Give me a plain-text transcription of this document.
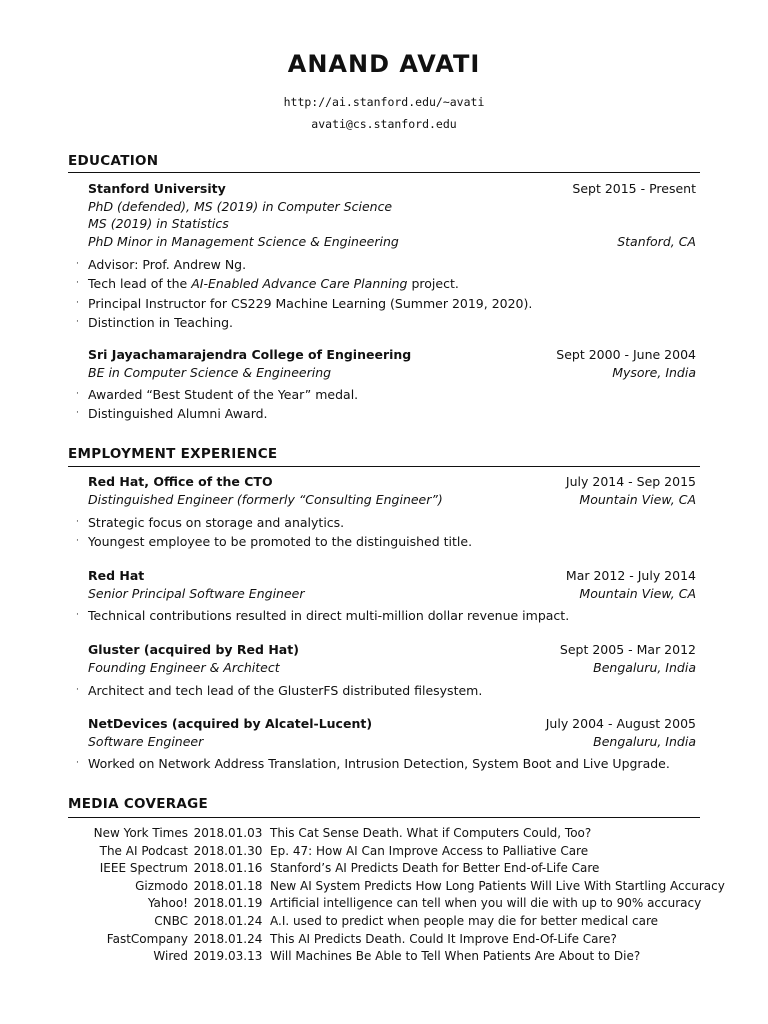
ANAND AVATI
http://ai.stanford.edu/~avati
avati@cs.stanford.edu
EDUCATION
Stanford University	Sept 2015 - Present
PhD (defended), MS (2019) in Computer Science
MS (2019) in Statistics
PhD Minor in Management Science & Engineering	Stanford, CA
· Advisor: Prof. Andrew Ng.
· Tech lead of the AI-Enabled Advance Care Planning project.
· Principal Instructor for CS229 Machine Learning (Summer 2019, 2020).
· Distinction in Teaching.
Sri Jayachamarajendra College of Engineering	Sept 2000 - June 2004
BE in Computer Science & Engineering	Mysore, India
· Awarded “Best Student of the Year” medal.
· Distinguished Alumni Award.
EMPLOYMENT EXPERIENCE
Red Hat, Office of the CTO	July 2014 - Sep 2015
Distinguished Engineer (formerly “Consulting Engineer”)	Mountain View, CA
· Strategic focus on storage and analytics.
· Youngest employee to be promoted to the distinguished title.
Red Hat	Mar 2012 - July 2014
Senior Principal Software Engineer	Mountain View, CA
· Technical contributions resulted in direct multi-million dollar revenue impact.
Gluster (acquired by Red Hat)	Sept 2005 - Mar 2012
Founding Engineer & Architect	Bengaluru, India
· Architect and tech lead of the GlusterFS distributed filesystem.
NetDevices (acquired by Alcatel-Lucent)	July 2004 - August 2005
Software Engineer	Bengaluru, India
· Worked on Network Address Translation, Intrusion Detection, System Boot and Live Upgrade.
MEDIA COVERAGE
New York Times 2018.01.03 This Cat Sense Death. What if Computers Could, Too?
The AI Podcast 2018.01.30 Ep. 47: How AI Can Improve Access to Palliative Care
IEEE Spectrum 2018.01.16 Stanford’s AI Predicts Death for Better End-of-Life Care
Gizmodo 2018.01.18 New AI System Predicts How Long Patients Will Live With Startling Accuracy
Yahoo! 2018.01.19 Artificial intelligence can tell when you will die with up to 90% accuracy
CNBC 2018.01.24 A.I. used to predict when people may die for better medical care
FastCompany 2018.01.24 This AI Predicts Death. Could It Improve End-Of-Life Care?
Wired 2019.03.13 Will Machines Be Able to Tell When Patients Are About to Die?
